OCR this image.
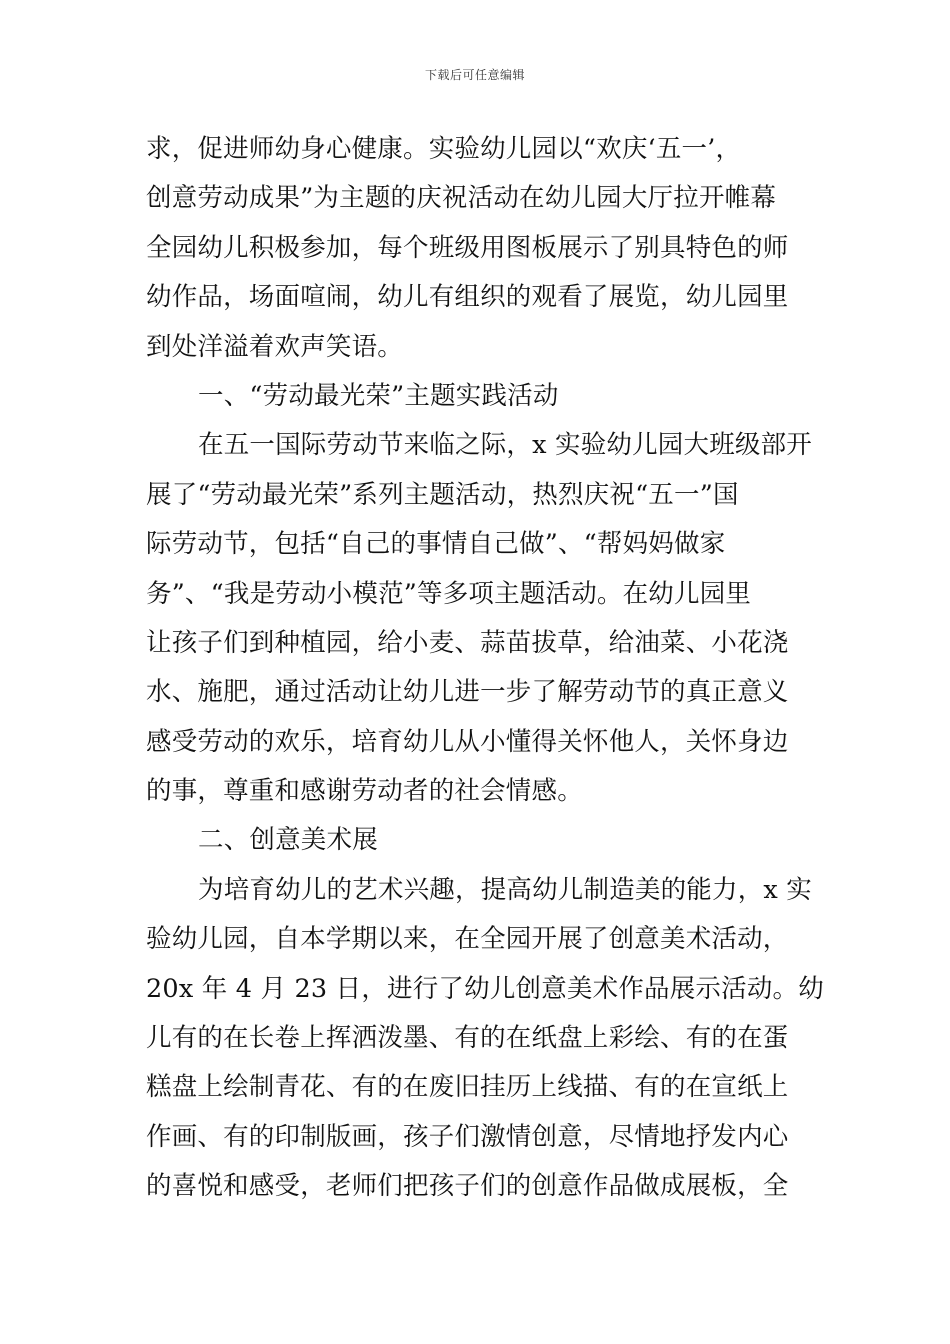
下载后可任意编辑
求，促进师幼身心健康。实验幼儿园以“欢庆‘五一’，
创意劳动成果”为主题的庆祝活动在幼儿园大厅拉开帷幕
全园幼儿积极参加，每个班级用图板展示了别具特色的师
幼作品，场面喧闹，幼儿有组织的观看了展览，幼儿园里
到处洋溢着欢声笑语。
一、“劳动最光荣”主题实践活动
在五一国际劳动节来临之际，x 实验幼儿园大班级部开
展了“劳动最光荣”系列主题活动，热烈庆祝“五一”国
际劳动节，包括“自己的事情自己做”、“帮妈妈做家
务”、“我是劳动小模范”等多项主题活动。在幼儿园里
让孩子们到种植园，给小麦、蒜苗拔草，给油菜、小花浇
水、施肥，通过活动让幼儿进一步了解劳动节的真正意义
感受劳动的欢乐，培育幼儿从小懂得关怀他人，关怀身边
的事，尊重和感谢劳动者的社会情感。
二、创意美术展
为培育幼儿的艺术兴趣，提高幼儿制造美的能力，x 实
验幼儿园，自本学期以来，在全园开展了创意美术活动，
20x 年 4 月 23 日，进行了幼儿创意美术作品展示活动。幼
儿有的在长卷上挥洒泼墨、有的在纸盘上彩绘、有的在蛋
糕盘上绘制青花、有的在废旧挂历上线描、有的在宣纸上
作画、有的印制版画，孩子们激情创意，尽情地抒发内心
的喜悦和感受，老师们把孩子们的创意作品做成展板，全
